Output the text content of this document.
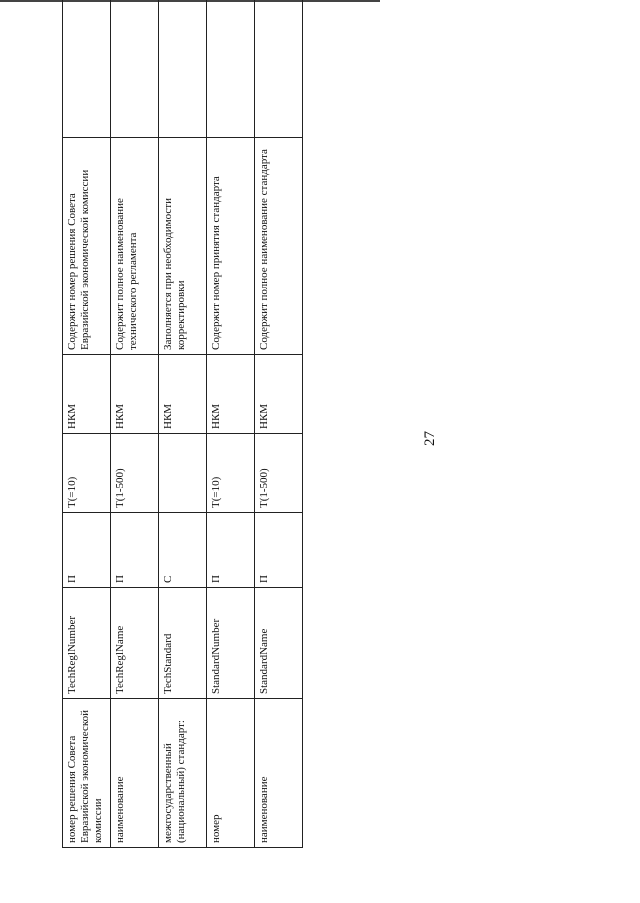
27
номер решения Совета Евразийской экономической комиссии	TechReglNumber	П	T(=10)	НКМ	Содержит номер решения Совета Евразийской экономической комиссии	
наименование	TechReglName	П	T(1-500)	НКМ	Содержит полное наименование технического регламента	
межгосударственный (национальный) стандарт:	TechStandard	С		НКМ	Заполняется при необходимости корректировки	
номер	StandardNumber	П	T(=10)	НКМ	Содержит номер принятия стандарта	
наименование	StandardName	П	T(1-500)	НКМ	Содержит полное наименование стандарта	
